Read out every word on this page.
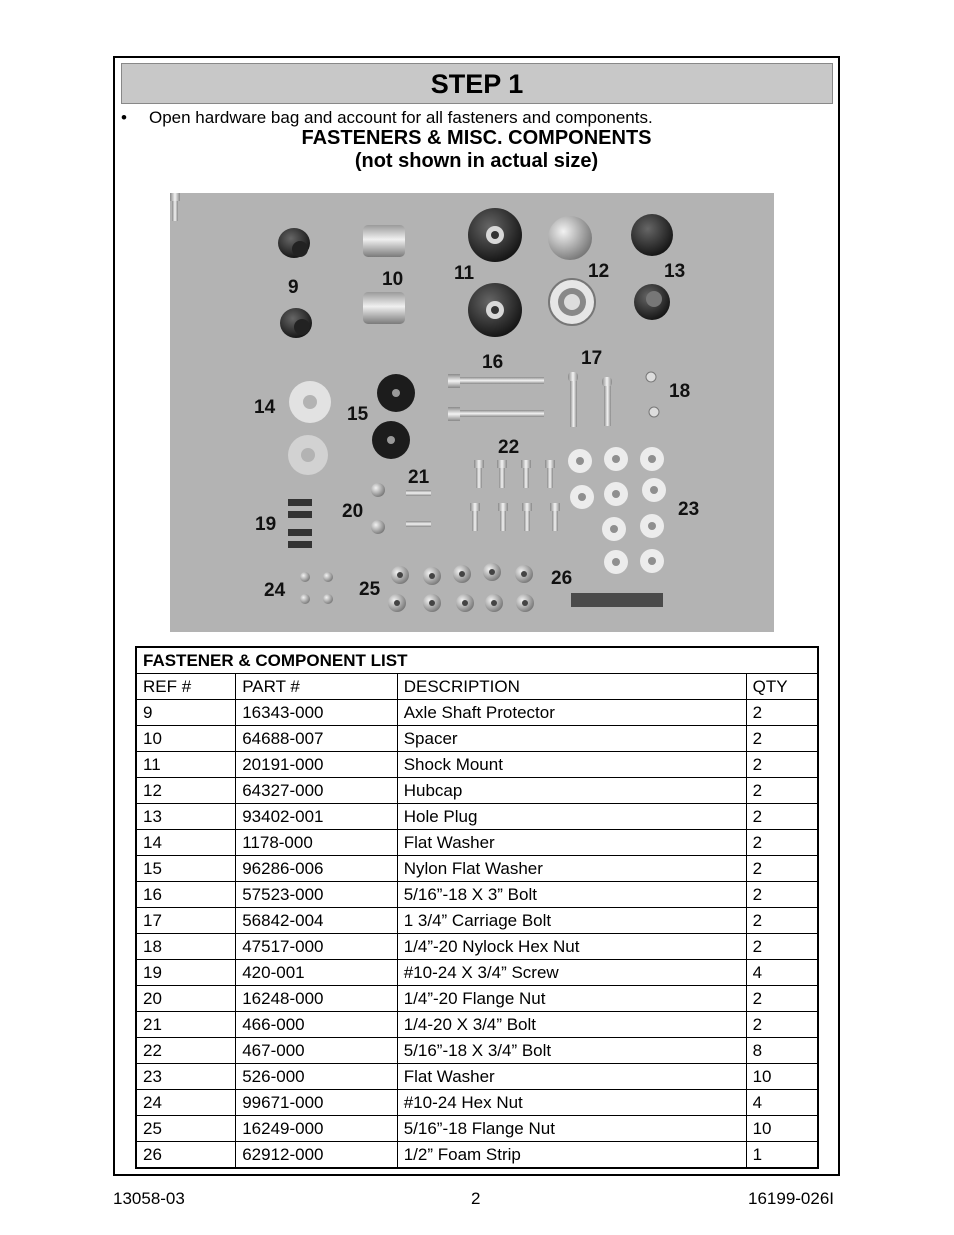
STEP 1
• Open hardware bag and account for all fasteners and components.
FASTENERS & MISC. COMPONENTS
(not shown in actual size)
9	10	11	12	13
14	15
16	17
18
19
20
21
22
23
24	25
26
FASTENER & COMPONENT LIST			
REF #	PART #	DESCRIPTION	QTY
9	16343-000	Axle Shaft Protector	2
10	64688-007	Spacer	2
11	20191-000	Shock Mount	2
12	64327-000	Hubcap	2
13	93402-001	Hole Plug	2
14	1178-000	Flat Washer	2
15	96286-006	Nylon Flat Washer	2
16	57523-000	5/16”-18 X 3” Bolt	2
17	56842-004	1 3/4” Carriage Bolt	2
18	47517-000	1/4”-20 Nylock Hex Nut	2
19	420-001	#10-24 X 3/4” Screw	4
20	16248-000	1/4”-20 Flange Nut	2
21	466-000	1/4-20 X 3/4” Bolt	2
22	467-000	5/16”-18 X 3/4” Bolt	8
23	526-000	Flat Washer	10
24	99671-000	#10-24 Hex Nut	4
25	16249-000	5/16”-18 Flange Nut	10
26	62912-000	1/2” Foam Strip	1
13058-03	2	16199-026I
